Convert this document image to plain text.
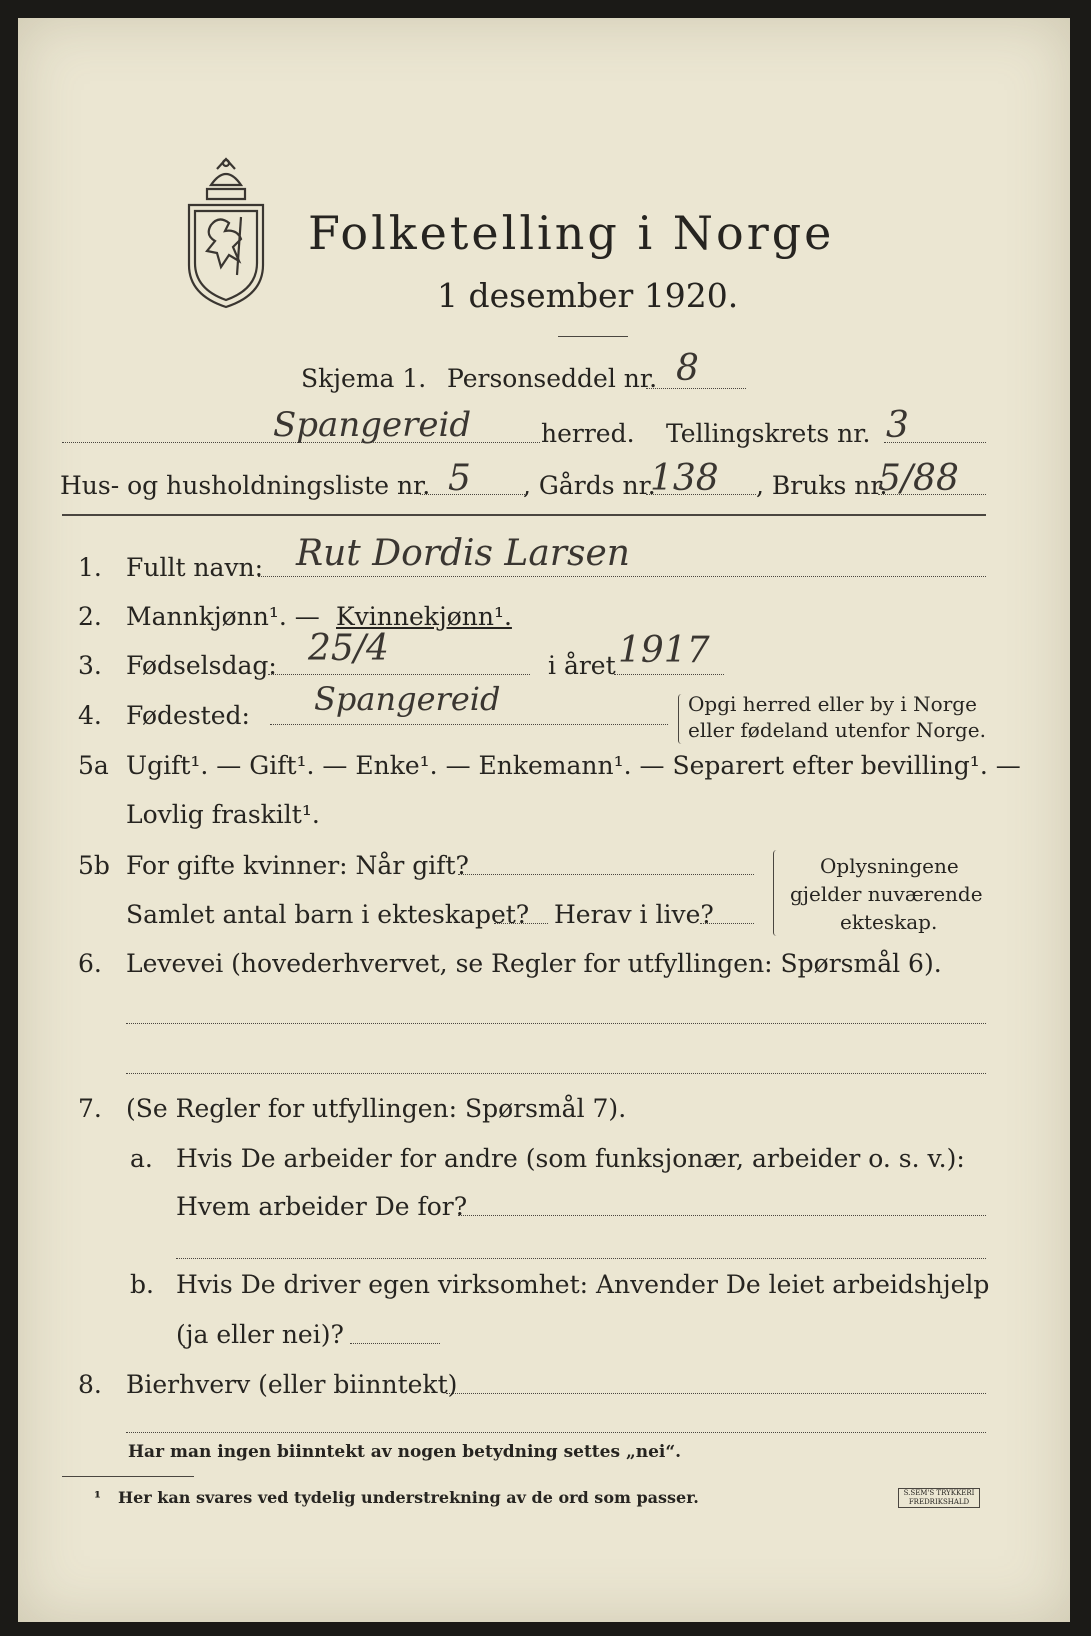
Folketelling i Norge
1 desember 1920.
Skjema 1. Personseddel nr. 8
Spangereid	herred. Tellingskrets nr. 3
Hus- og husholdningsliste nr. 5 , Gårds nr.
138 , Bruks nr.
5/88
1. Fullt navn: Rut Dordis Larsen
2. Mannkjønn¹. — Kvinnekjønn¹.
3. Fødselsdag: 25/4	i året 1917
4. Fødested: Spangereid	Opgi herred eller by i Norge
eller fødeland utenfor Norge.
5a Ugift¹. — Gift¹. — Enke¹. — Enkemann¹. — Separert efter bevilling¹. —
Lovlig fraskilt¹.
5b For gifte kvinner: Når gift?
Samlet antal barn i ekteskapet? Herav i live?
Oplysningene
gjelder nuværende
ekteskap.
6. Levevei (hovederhvervet, se Regler for utfyllingen: Spørsmål 6).
7. (Se Regler for utfyllingen: Spørsmål 7).
a. Hvis De arbeider for andre (som funksjonær, arbeider o. s. v.):
Hvem arbeider De for?
b. Hvis De driver egen virksomhet: Anvender De leiet arbeidshjelp
(ja eller nei)?
8. Bierhverv (eller biinntekt)
Har man ingen biinntekt av nogen betydning settes „nei“.
¹ Her kan svares ved tydelig understrekning av de ord som passer.	S.SEM'S TRYKKERI
FREDRIKSHALD
